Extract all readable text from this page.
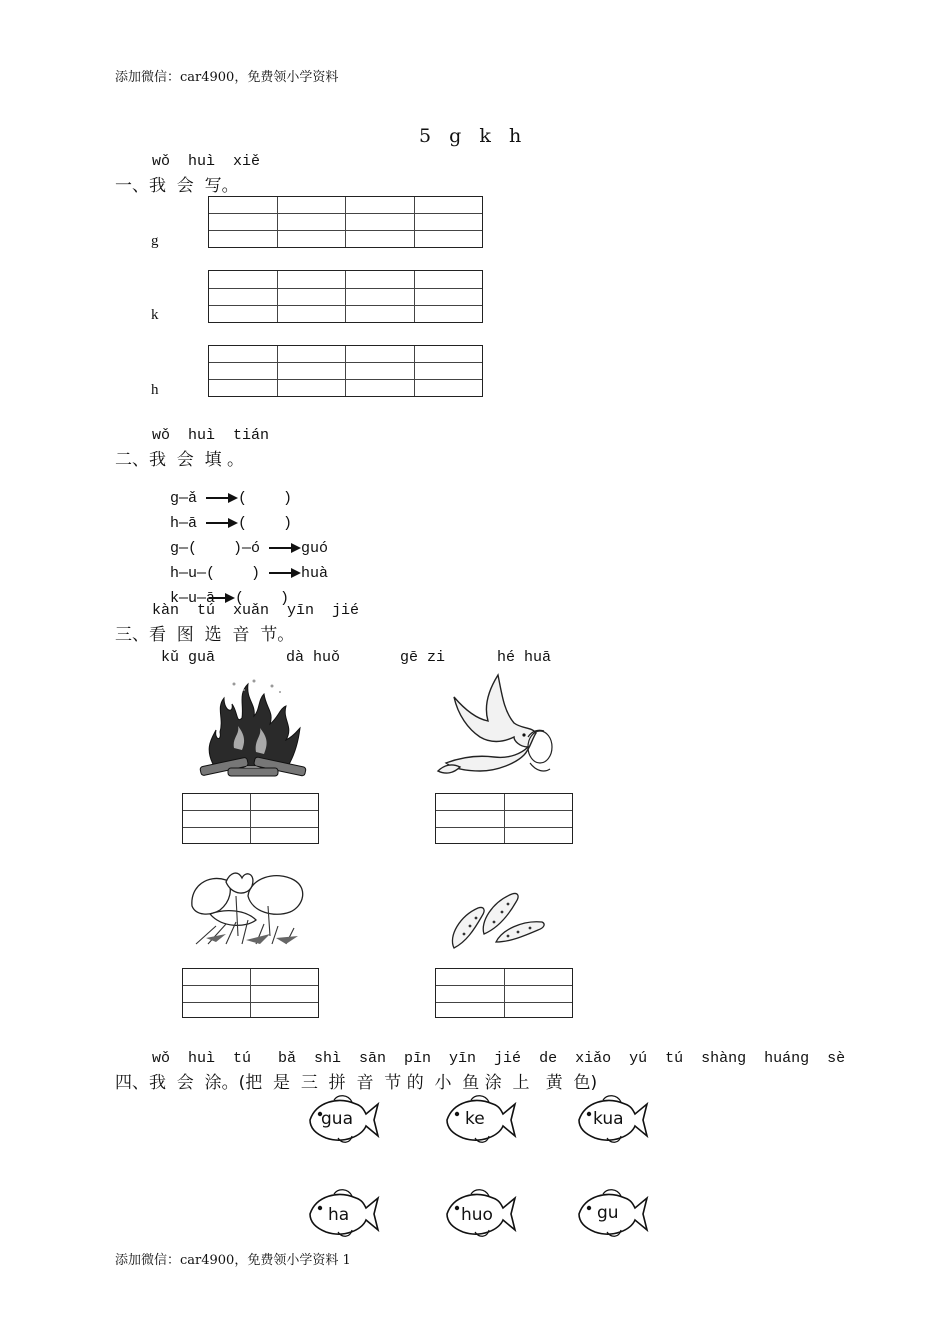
添加微信：car4900，免费领小学资料
5  g  k  h
wǒ  huì  xiě
一、我  会  写。
g
k
h
wǒ  huì  tián
二、我  会  填 。

g—ǎ (    )

h—ā (    )

g—(    )—ó	guó

h—u—(    )	huà

k—u—ā (    )

kàn  tú  xuǎn  yīn  jié
三、看  图  选  音  节。
kǔ guā	dà huǒ	gē zi	hé huā
wǒ  huì  tú   bǎ  shì  sān  pīn  yīn  jié  de  xiǎo  yú  tú  shàng  huáng  sè
四、我  会  涂。(把  是  三  拼  音  节 的  小  鱼 涂  上   黄  色)

gua

	ke

	kua

ha

	huo

	gu

添加微信：car4900，免费领小学资料 1
